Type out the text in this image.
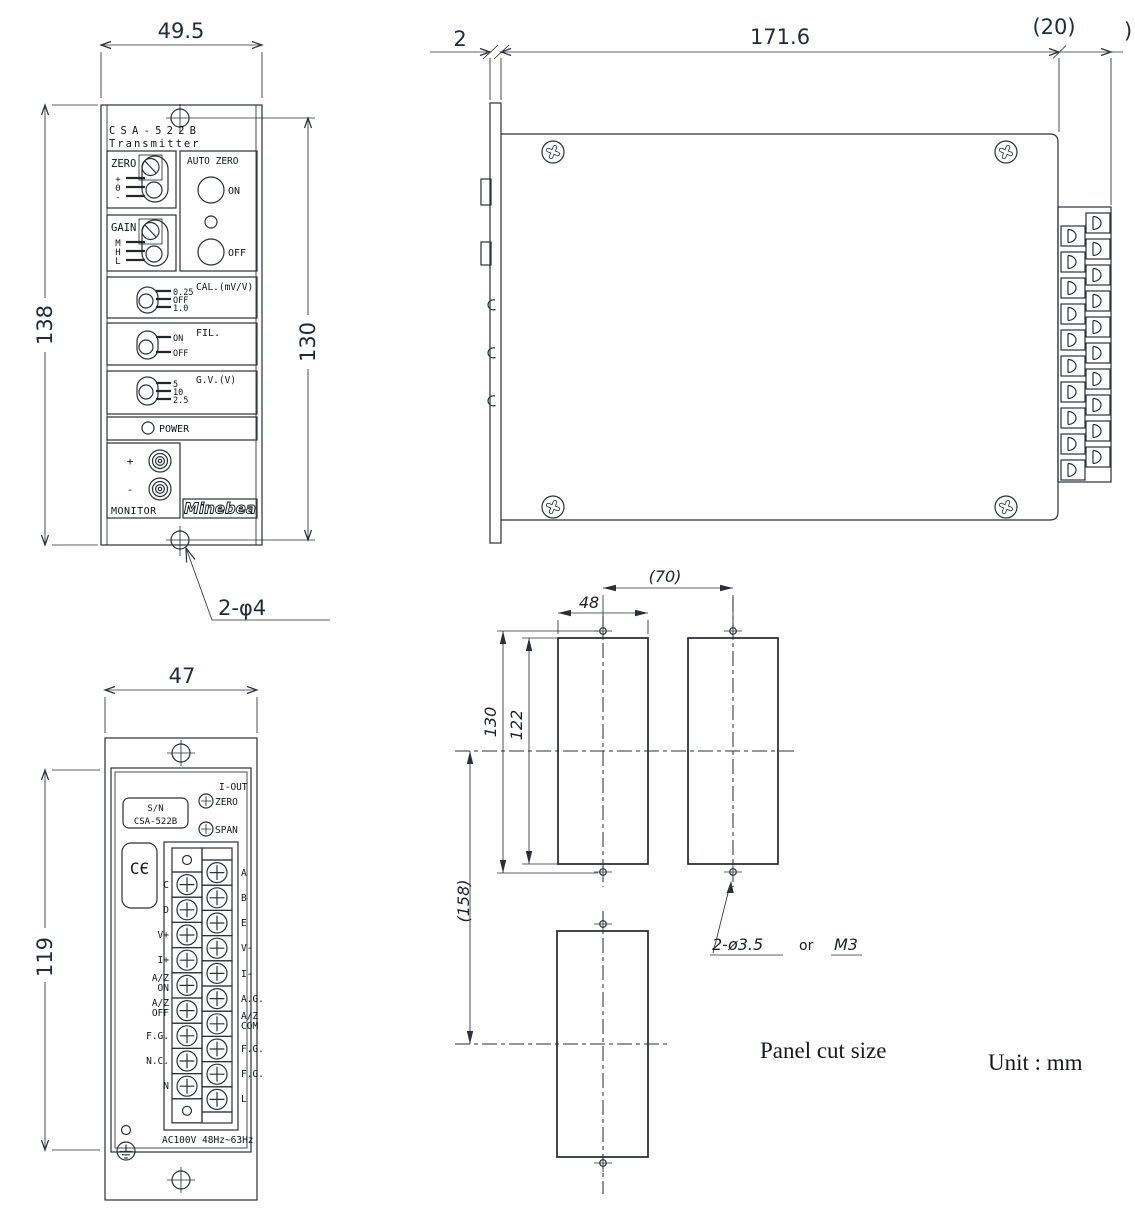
CSA-522B
Transmitter
ZERO
+
0
-
GAIN
M
H
L
AUTO ZERO
ON
OFF
CAL.(mV/V)
0.25
OFF
1.0
FIL.
ON
OFF
G.V.(V)
5
10
2.5
POWER
+
-
MONITOR Minebea
49.5
138	130
2-φ4
2	171.6	(20) )
I-OUT
ZERO
SPAN
S/N
CSA-522B
CЄ
C
D
V+
I+
A/Z
ON
A/Z
OFF
F.G.
N.C.
N
A
B
E
V-
I-
A.G.
A/Z
COM
F.G.
F.G.
L
AC100V 48Hz~63Hz
47
119
48
(70)
130 122
(158)
2-ø3.5	or M3
Panel cut size	Unit : mm
